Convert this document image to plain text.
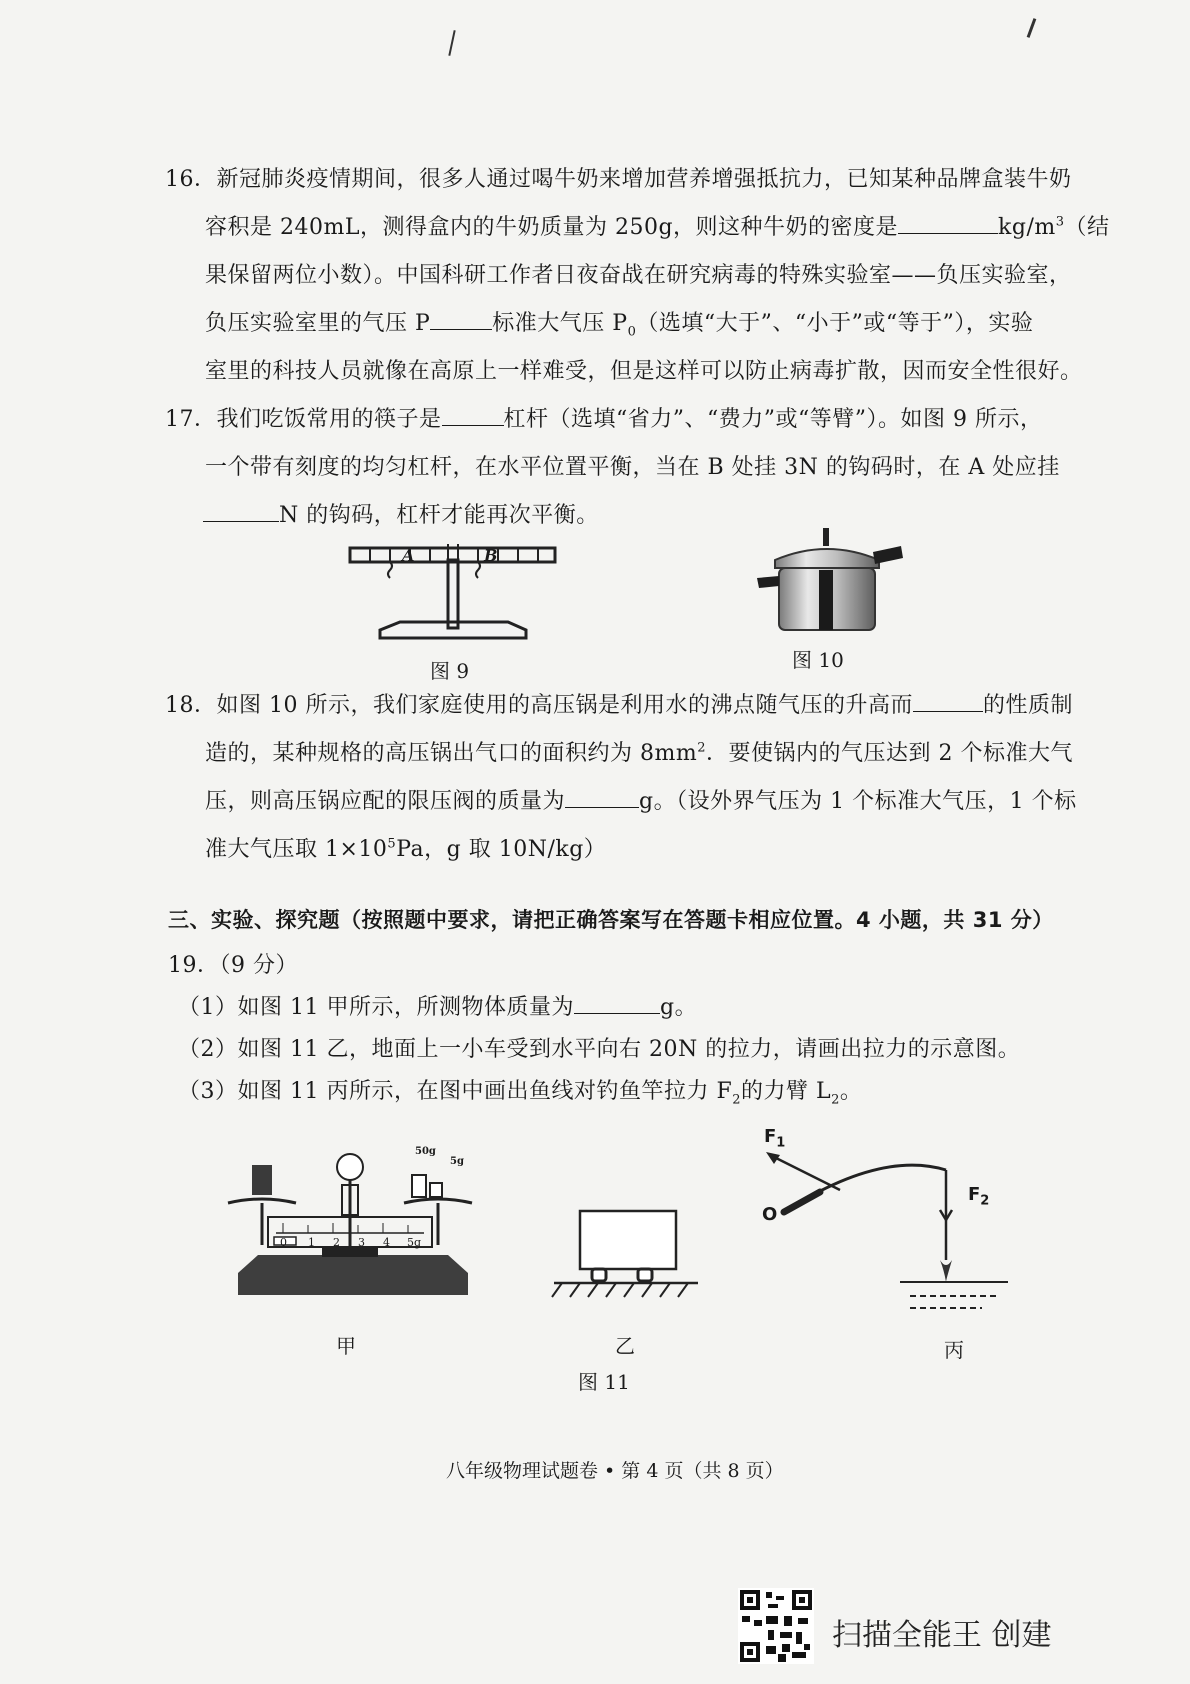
16．新冠肺炎疫情期间，很多人通过喝牛奶来增加营养增强抵抗力，已知某种品牌盒装牛奶
容积是 240mL，测得盒内的牛奶质量为 250g，则这种牛奶的密度是	$kg/m^3$（结
果保留两位小数）。中国科研工作者日夜奋战在研究病毒的特殊实验室——负压实验室，
负压实验室里的气压 P	标准大气压 $P_0$（选填“大于”、“小于”或“等于”），实验
室里的科技人员就像在高原上一样难受，但是这样可以防止病毒扩散，因而安全性很好。
17．我们吃饭常用的筷子是	杠杆（选填“省力”、“费力”或“等臂”）。如图 9 所示，
一个带有刻度的均匀杠杆，在水平位置平衡，当在 B 处挂 3N 的钩码时，在 A 处应挂
N 的钩码，杠杆才能再次平衡。
A	B
图 9	图 10
18．如图 10 所示，我们家庭使用的高压锅是利用水的沸点随气压的升高而	的性质制
造的，某种规格的高压锅出气口的面积约为 $8mm^2$．要使锅内的气压达到 2 个标准大气
压，则高压锅应配的限压阀的质量为	g。（设外界气压为 1 个标准大气压，1 个标
准大气压取 $1\times 10^5Pa$，g 取 10N/kg）
三、实验、探究题（按照题中要求，请把正确答案写在答题卡相应位置。4 小题，共 31 分）
19．（9 分）
（1）如图 11 甲所示，所测物体质量为	g。
（2）如图 11 乙，地面上一小车受到水平向右 20N 的拉力，请画出拉力的示意图。
（3）如图 11 丙所示，在图中画出鱼线对钓鱼竿拉力 $F_2$的力臂 $L_2$。
50g
5g
0 1 2 3 4 5g
甲	乙
$F_1$
$F_2$
O
丙
图 11
八年级物理试题卷 • 第 4 页（共 8 页）
扫描全能王 创建
